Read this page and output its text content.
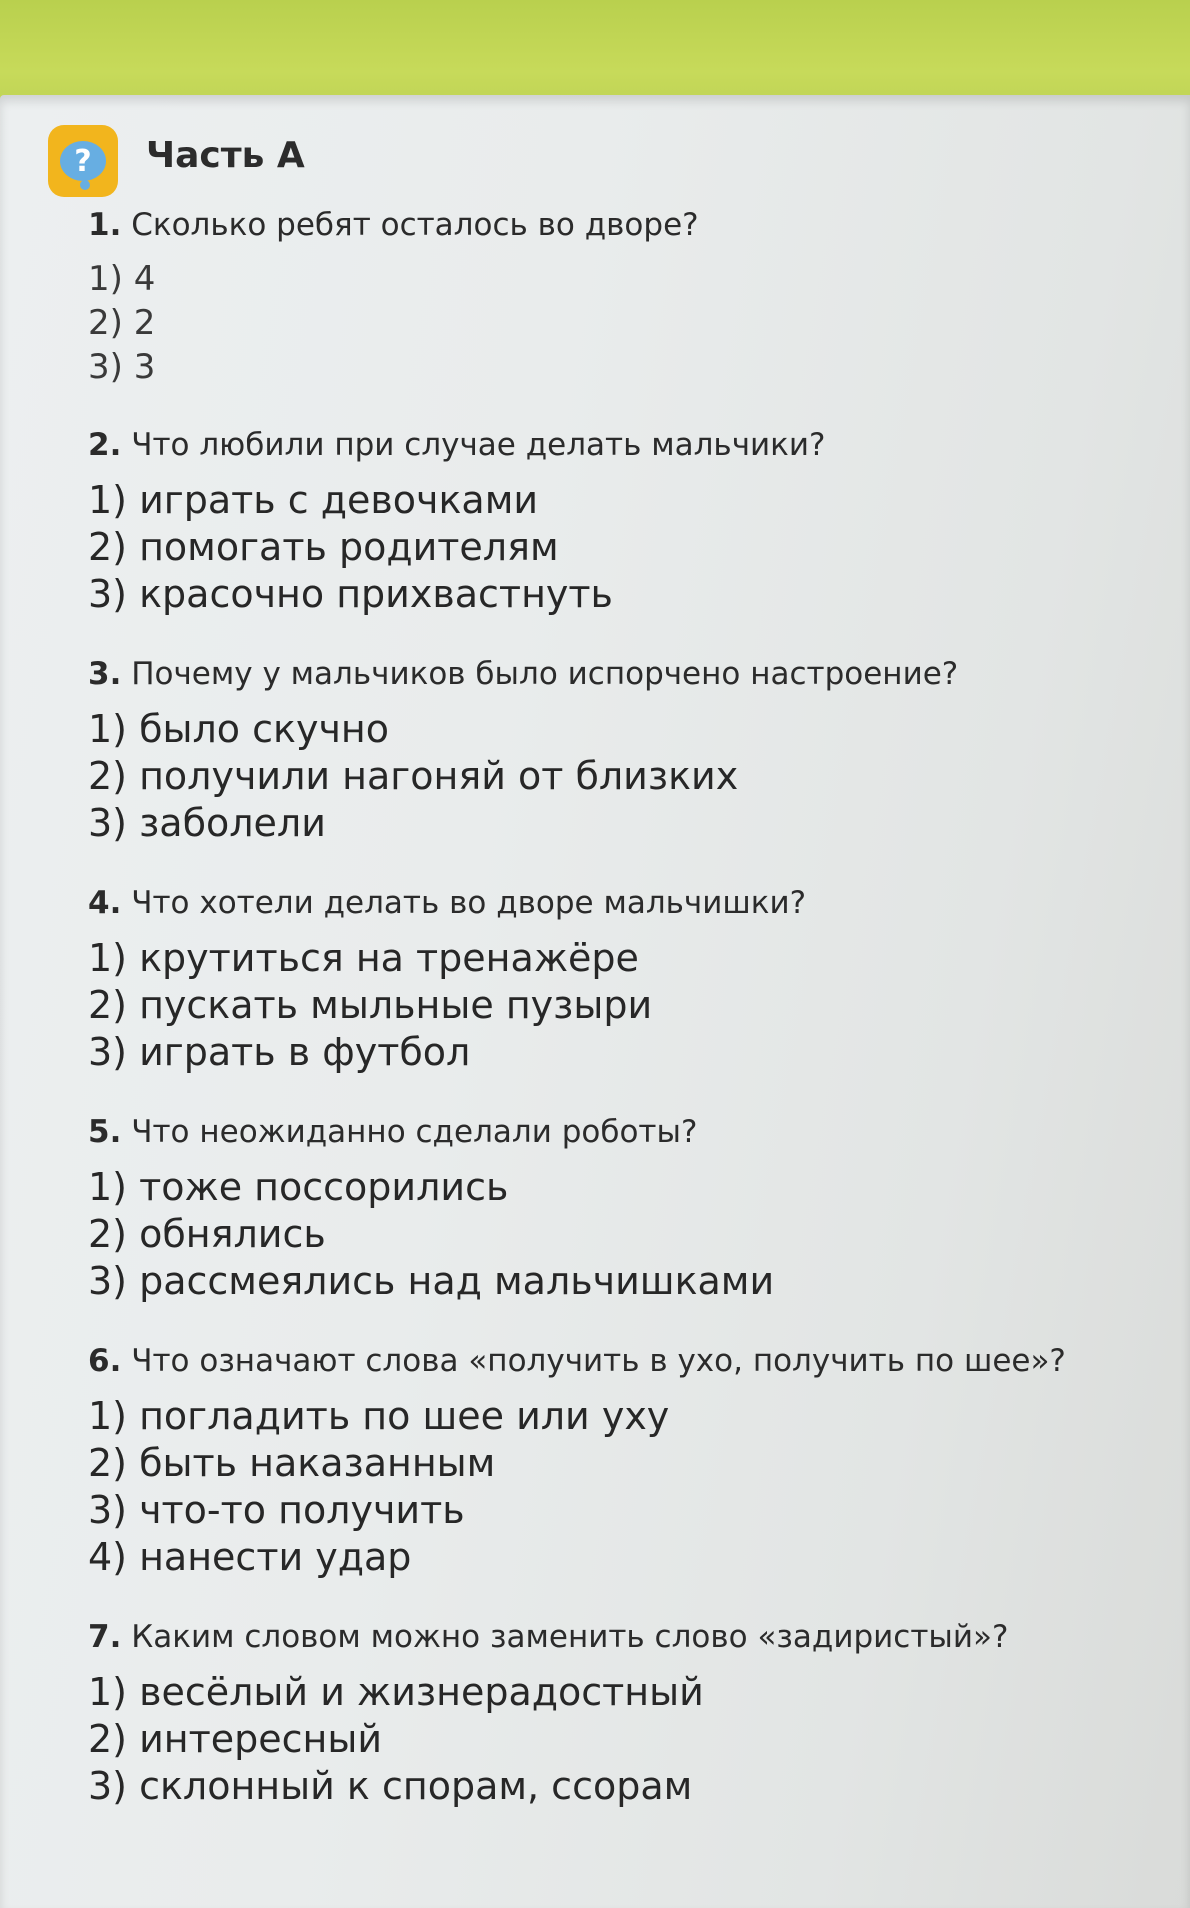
?	Часть А

1. Сколько ребят осталось во дворе?

1) 4
2) 2
3) 3

2. Что любили при случае делать мальчики?

1) играть с девочками
2) помогать родителям
3) красочно прихвастнуть

3. Почему у мальчиков было испорчено настроение?

1) было скучно
2) получили нагоняй от близких
3) заболели

4. Что хотели делать во дворе мальчишки?

1) крутиться на тренажёре
2) пускать мыльные пузыри
3) играть в футбол

5. Что неожиданно сделали роботы?

1) тоже поссорились
2) обнялись
3) рассмеялись над мальчишками

6. Что означают слова «получить в ухо, получить по шее»?

1) погладить по шее или уху
2) быть наказанным
3) что-то получить
4) нанести удар

7. Каким словом можно заменить слово «задиристый»?

1) весёлый и жизнерадостный
2) интересный
3) склонный к спорам, ссорам
